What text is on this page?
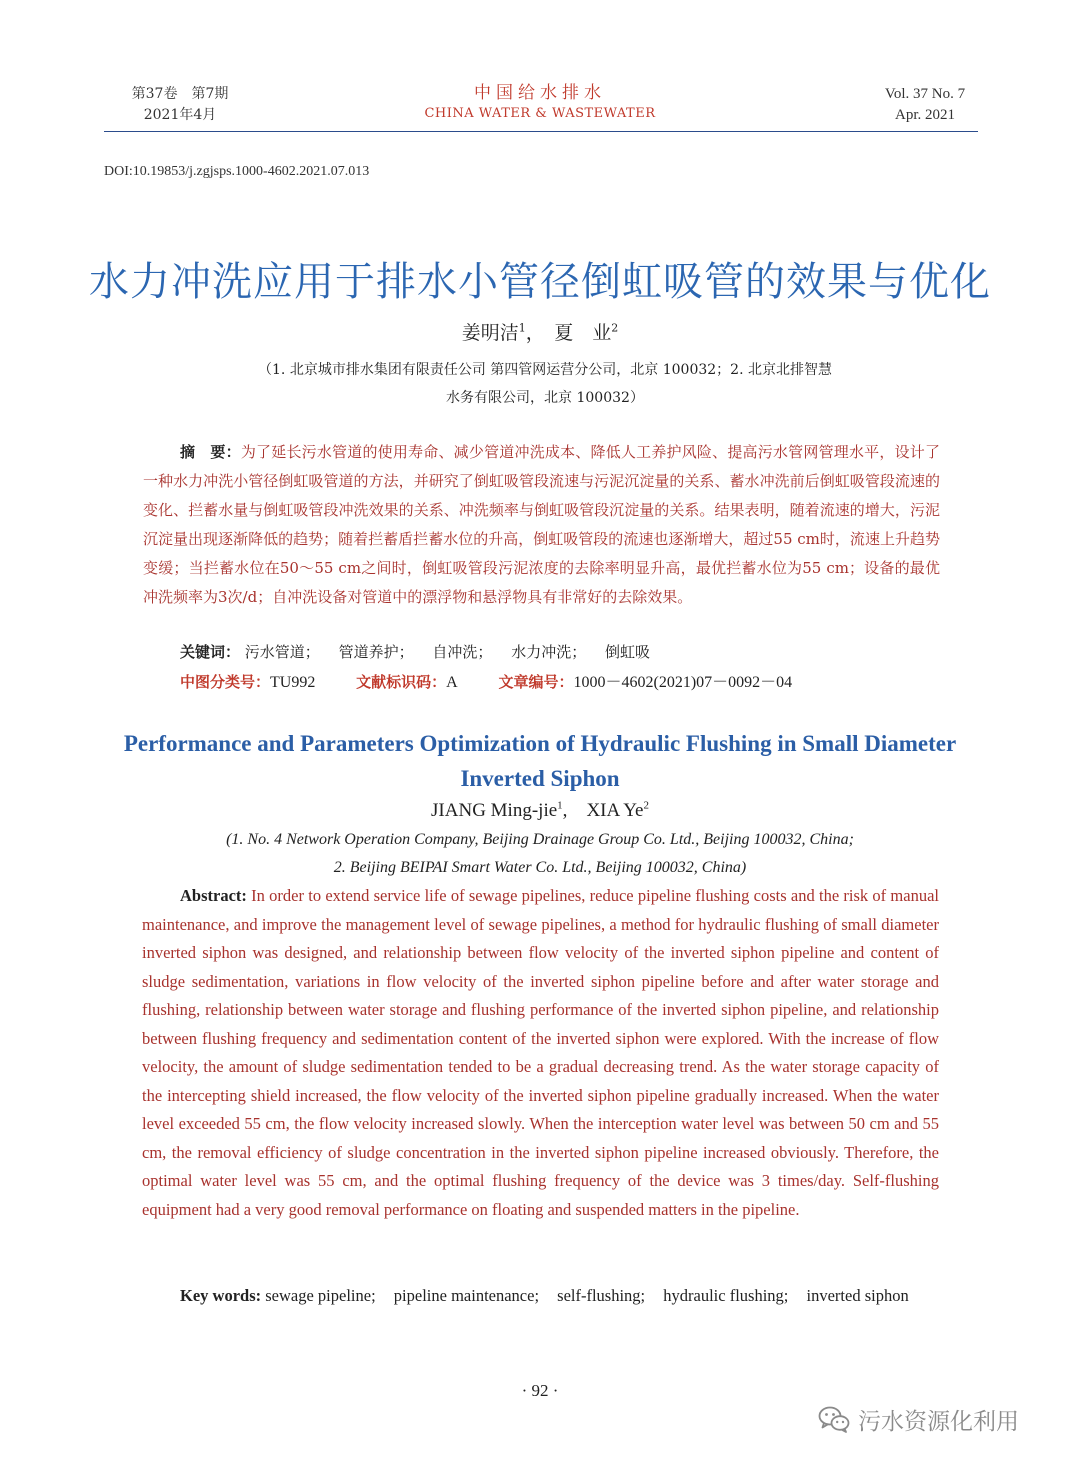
第37卷　第7期
2021年4月
中国给水排水
CHINA WATER & WASTEWATER
Vol. 37 No. 7
Apr. 2021
DOI:10.19853/j.zgjsps.1000-4602.2021.07.013
水力冲洗应用于排水小管径倒虹吸管的效果与优化
姜明洁$^1$，　夏　业$^2$
（1. 北京城市排水集团有限责任公司 第四管网运营分公司，北京 100032；2. 北京北排智慧
水务有限公司，北京 100032）
摘　要：为了延长污水管道的使用寿命、减少管道冲洗成本、降低人工养护风险、提高污水管网管理水平，设计了一种水力冲洗小管径倒虹吸管道的方法，并研究了倒虹吸管段流速与污泥沉淀量的关系、蓄水冲洗前后倒虹吸管段流速的变化、拦蓄水量与倒虹吸管段冲洗效果的关系、冲洗频率与倒虹吸管段沉淀量的关系。结果表明，随着流速的增大，污泥沉淀量出现逐渐降低的趋势；随着拦蓄盾拦蓄水位的升高，倒虹吸管段的流速也逐渐增大，超过55 cm时，流速上升趋势变缓；当拦蓄水位在50～55 cm之间时，倒虹吸管段污泥浓度的去除率明显升高，最优拦蓄水位为55 cm；设备的最优冲洗频率为3次/d；自冲洗设备对管道中的漂浮物和悬浮物具有非常好的去除效果。
关键词： 污水管道； 管道养护； 自冲洗； 水力冲洗； 倒虹吸
中图分类号：TU992	文献标识码：A	文章编号：1000－4602(2021)07－0092－04
Performance and Parameters Optimization of Hydraulic Flushing in Small Diameter Inverted Siphon
JIANG Ming-jie$^1$,　XIA Ye$^2$
(1. No. 4 Network Operation Company, Beijing Drainage Group Co. Ltd., Beijing 100032, China;
2. Beijing BEIPAI Smart Water Co. Ltd., Beijing 100032, China)
Abstract: In order to extend service life of sewage pipelines, reduce pipeline flushing costs and the risk of manual maintenance, and improve the management level of sewage pipelines, a method for hydraulic flushing of small diameter inverted siphon was designed, and relationship between flow velocity of the inverted siphon pipeline and content of sludge sedimentation, variations in flow velocity of the inverted siphon pipeline before and after water storage and flushing, relationship between water storage and flushing performance of the inverted siphon pipeline, and relationship between flushing frequency and sedimentation content of the inverted siphon were explored. With the increase of flow velocity, the amount of sludge sedimentation tended to be a gradual decreasing trend. As the water storage capacity of the intercepting shield increased, the flow velocity of the inverted siphon pipeline gradually increased. When the water level exceeded 55 cm, the flow velocity increased slowly. When the interception water level was between 50 cm and 55 cm, the removal efficiency of sludge concentration in the inverted siphon pipeline increased obviously. Therefore, the optimal water level was 55 cm, and the optimal flushing frequency of the device was 3 times/day. Self-flushing equipment had a very good removal performance on floating and suspended matters in the pipeline.
Key words: sewage pipeline; pipeline maintenance; self-flushing; hydraulic flushing; inverted siphon
· 92 ·
污水资源化利用
